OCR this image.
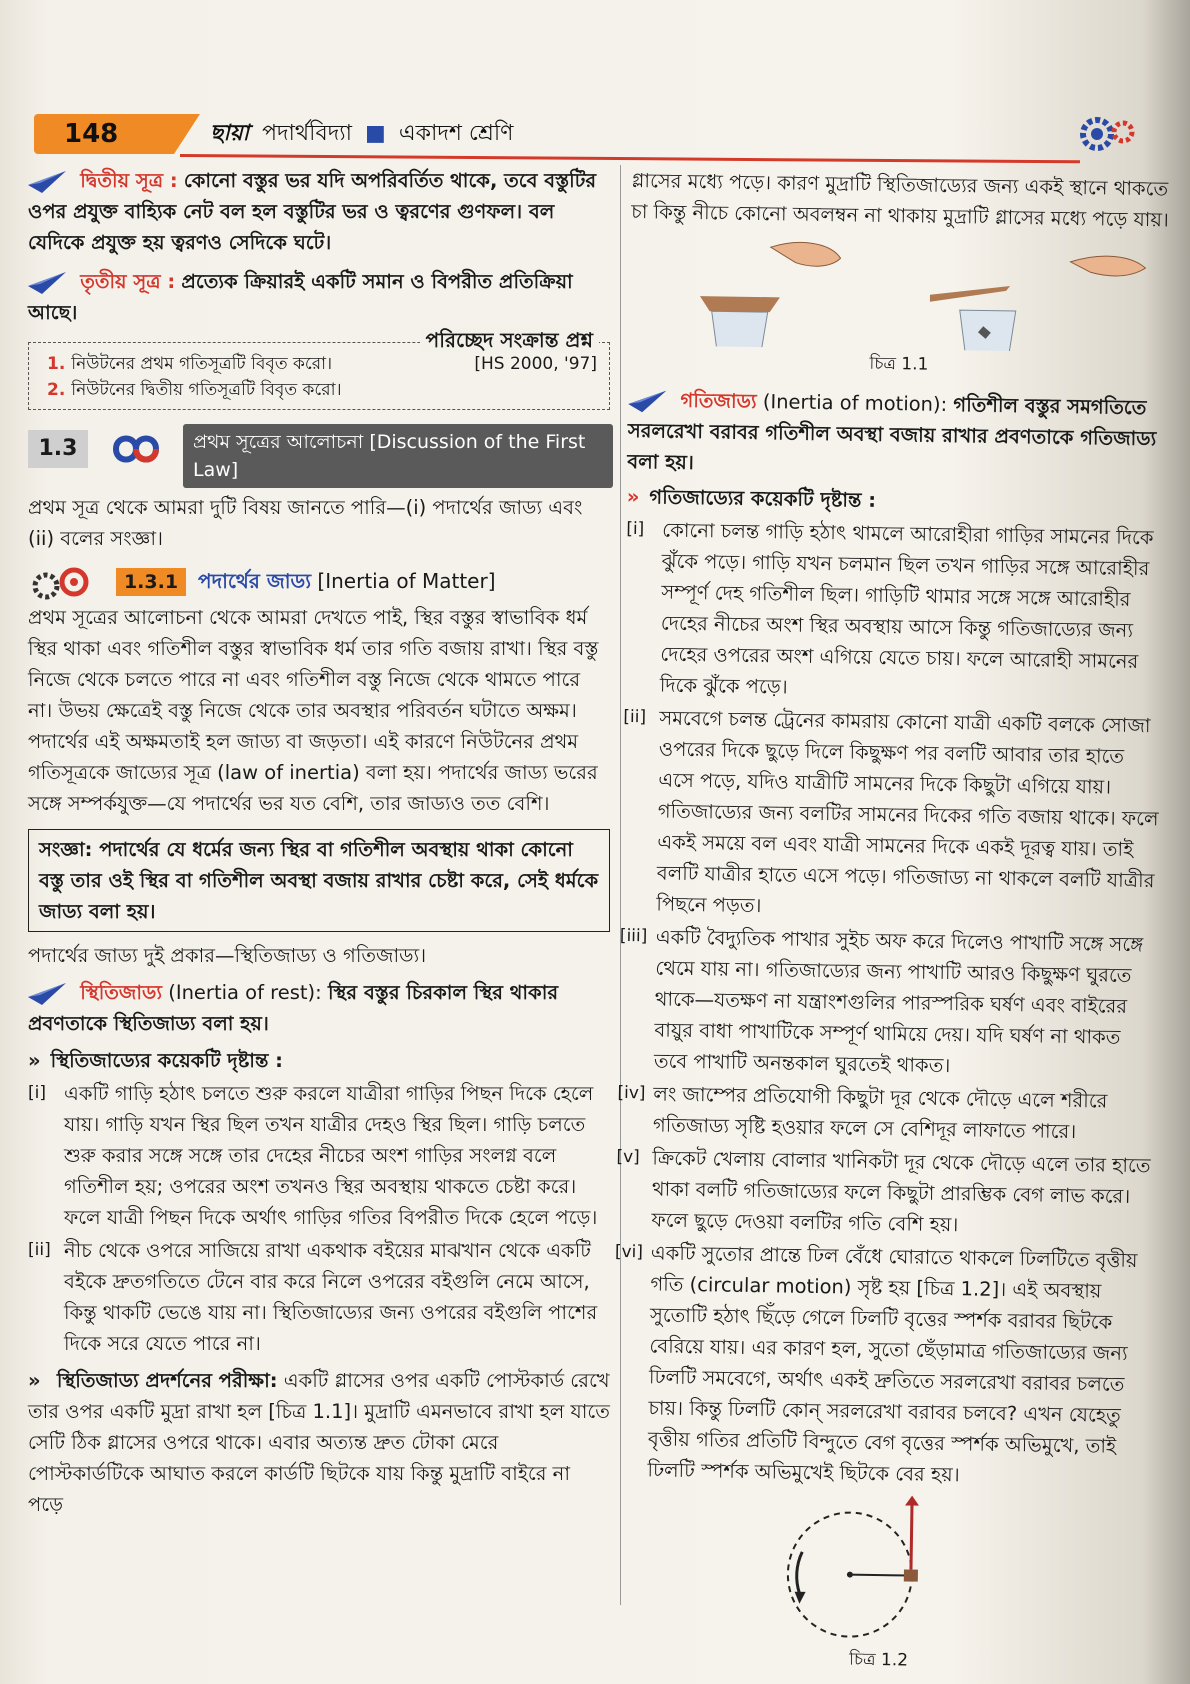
148	ছায়া পদার্থবিদ্যা ■ একাদশ শ্রেণি

দ্বিতীয় সূত্র : কোনো বস্তুর ভর যদি অপরিবর্তিত থাকে, তবে বস্তুটির ওপর প্রযুক্ত বাহ্যিক নেট বল হল বস্তুটির ভর ও ত্বরণের গুণফল। বল যেদিকে প্রযুক্ত হয় ত্বরণও সেদিকে ঘটে।

তৃতীয় সূত্র : প্রত্যেক ক্রিয়ারই একটি সমান ও বিপরীত প্রতিক্রিয়া আছে।

পরিচ্ছেদ সংক্রান্ত প্রশ্ন
1. নিউটনের প্রথম গতিসূত্রটি বিবৃত করো।	[HS 2000, '97]
2. নিউটনের দ্বিতীয় গতিসূত্রটি বিবৃত করো।
1.3	প্রথম সূত্রের আলোচনা [Discussion of the First Law]

প্রথম সূত্র থেকে আমরা দুটি বিষয় জানতে পারি—(i) পদার্থের জাড্য এবং (ii) বলের সংজ্ঞা।

1.3.1 পদার্থের জাড্য [Inertia of Matter]

প্রথম সূত্রের আলোচনা থেকে আমরা দেখতে পাই, স্থির বস্তুর স্বাভাবিক ধর্ম স্থির থাকা এবং গতিশীল বস্তুর স্বাভাবিক ধর্ম তার গতি বজায় রাখা। স্থির বস্তু নিজে থেকে চলতে পারে না এবং গতিশীল বস্তু নিজে থেকে থামতে পারে না। উভয় ক্ষেত্রেই বস্তু নিজে থেকে তার অবস্থার পরিবর্তন ঘটাতে অক্ষম। পদার্থের এই অক্ষমতাই হল জাড্য বা জড়তা। এই কারণে নিউটনের প্রথম গতিসূত্রকে জাড্যের সূত্র (law of inertia) বলা হয়। পদার্থের জাড্য ভরের সঙ্গে সম্পর্কযুক্ত—যে পদার্থের ভর যত বেশি, তার জাড্যও তত বেশি।

সংজ্ঞা: পদার্থের যে ধর্মের জন্য স্থির বা গতিশীল অবস্থায় থাকা কোনো বস্তু তার ওই স্থির বা গতিশীল অবস্থা বজায় রাখার চেষ্টা করে, সেই ধর্মকে জাড্য বলা হয়।

পদার্থের জাড্য দুই প্রকার—স্থিতিজাড্য ও গতিজাড্য।

স্থিতিজাড্য (Inertia of rest): স্থির বস্তুর চিরকাল স্থির থাকার প্রবণতাকে স্থিতিজাড্য বলা হয়।

» স্থিতিজাড্যের কয়েকটি দৃষ্টান্ত :

[i] একটি গাড়ি হঠাৎ চলতে শুরু করলে যাত্রীরা গাড়ির পিছন দিকে হেলে যায়। গাড়ি যখন স্থির ছিল তখন যাত্রীর দেহও স্থির ছিল। গাড়ি চলতে শুরু করার সঙ্গে সঙ্গে তার দেহের নীচের অংশ গাড়ির সংলগ্ন বলে গতিশীল হয়; ওপরের অংশ তখনও স্থির অবস্থায় থাকতে চেষ্টা করে। ফলে যাত্রী পিছন দিকে অর্থাৎ গাড়ির গতির বিপরীত দিকে হেলে পড়ে।
[ii] নীচ থেকে ওপরে সাজিয়ে রাখা একথাক বইয়ের মাঝখান থেকে একটি বইকে দ্রুতগতিতে টেনে বার করে নিলে ওপরের বইগুলি নেমে আসে, কিন্তু থাকটি ভেঙে যায় না। স্থিতিজাড্যের জন্য ওপরের বইগুলি পাশের দিকে সরে যেতে পারে না।

» স্থিতিজাড্য প্রদর্শনের পরীক্ষা: একটি গ্লাসের ওপর একটি পোস্টকার্ড রেখে তার ওপর একটি মুদ্রা রাখা হল [চিত্র 1.1]। মুদ্রাটি এমনভাবে রাখা হল যাতে সেটি ঠিক গ্লাসের ওপরে থাকে। এবার অত্যন্ত দ্রুত টোকা মেরে পোস্টকার্ডটিকে আঘাত করলে কার্ডটি ছিটকে যায় কিন্তু মুদ্রাটি বাইরে না পড়ে

গ্লাসের মধ্যে পড়ে। কারণ মুদ্রাটি স্থিতিজাড্যের জন্য একই স্থানে থাকতে চা কিন্তু নীচে কোনো অবলম্বন না থাকায় মুদ্রাটি গ্লাসের মধ্যে পড়ে যায়।

চিত্র 1.1

গতিজাড্য (Inertia of motion): গতিশীল বস্তুর সমগতিতে সরলরেখা বরাবর গতিশীল অবস্থা বজায় রাখার প্রবণতাকে গতিজাড্য বলা হয়।

» গতিজাড্যের কয়েকটি দৃষ্টান্ত :

[i] কোনো চলন্ত গাড়ি হঠাৎ থামলে আরোহীরা গাড়ির সামনের দিকে ঝুঁকে পড়ে। গাড়ি যখন চলমান ছিল তখন গাড়ির সঙ্গে আরোহীর সম্পূর্ণ দেহ গতিশীল ছিল। গাড়িটি থামার সঙ্গে সঙ্গে আরোহীর দেহের নীচের অংশ স্থির অবস্থায় আসে কিন্তু গতিজাড্যের জন্য দেহের ওপরের অংশ এগিয়ে যেতে চায়। ফলে আরোহী সামনের দিকে ঝুঁকে পড়ে।
[ii] সমবেগে চলন্ত ট্রেনের কামরায় কোনো যাত্রী একটি বলকে সোজা ওপরের দিকে ছুড়ে দিলে কিছুক্ষণ পর বলটি আবার তার হাতে এসে পড়ে, যদিও যাত্রীটি সামনের দিকে কিছুটা এগিয়ে যায়। গতিজাড্যের জন্য বলটির সামনের দিকের গতি বজায় থাকে। ফলে একই সময়ে বল এবং যাত্রী সামনের দিকে একই দূরত্ব যায়। তাই বলটি যাত্রীর হাতে এসে পড়ে। গতিজাড্য না থাকলে বলটি যাত্রীর পিছনে পড়ত।
[iii] একটি বৈদ্যুতিক পাখার সুইচ অফ করে দিলেও পাখাটি সঙ্গে সঙ্গে থেমে যায় না। গতিজাড্যের জন্য পাখাটি আরও কিছুক্ষণ ঘুরতে থাকে—যতক্ষণ না যন্ত্রাংশগুলির পারস্পরিক ঘর্ষণ এবং বাইরের বায়ুর বাধা পাখাটিকে সম্পূর্ণ থামিয়ে দেয়। যদি ঘর্ষণ না থাকত তবে পাখাটি অনন্তকাল ঘুরতেই থাকত।
[iv] লং জাম্পের প্রতিযোগী কিছুটা দূর থেকে দৌড়ে এলে শরীরে গতিজাড্য সৃষ্টি হওয়ার ফলে সে বেশিদূর লাফাতে পারে।
[v] ক্রিকেট খেলায় বোলার খানিকটা দূর থেকে দৌড়ে এলে তার হাতে থাকা বলটি গতিজাড্যের ফলে কিছুটা প্রারম্ভিক বেগ লাভ করে। ফলে ছুড়ে দেওয়া বলটির গতি বেশি হয়।
[vi] একটি সুতোর প্রান্তে ঢিল বেঁধে ঘোরাতে থাকলে ঢিলটিতে বৃত্তীয় গতি (circular motion) সৃষ্ট হয় [চিত্র 1.2]। এই অবস্থায় সুতোটি হঠাৎ ছিঁড়ে গেলে ঢিলটি বৃত্তের স্পর্শক বরাবর ছিটকে বেরিয়ে যায়। এর কারণ হল, সুতো ছেঁড়ামাত্র গতিজাড্যের জন্য ঢিলটি সমবেগে, অর্থাৎ একই দ্রুতিতে সরলরেখা বরাবর চলতে চায়। কিন্তু ঢিলটি কোন্ সরলরেখা বরাবর চলবে? এখন যেহেতু বৃত্তীয় গতির প্রতিটি বিন্দুতে বেগ বৃত্তের স্পর্শক অভিমুখে, তাই ঢিলটি স্পর্শক অভিমুখেই ছিটকে বের হয়।

চিত্র 1.2
